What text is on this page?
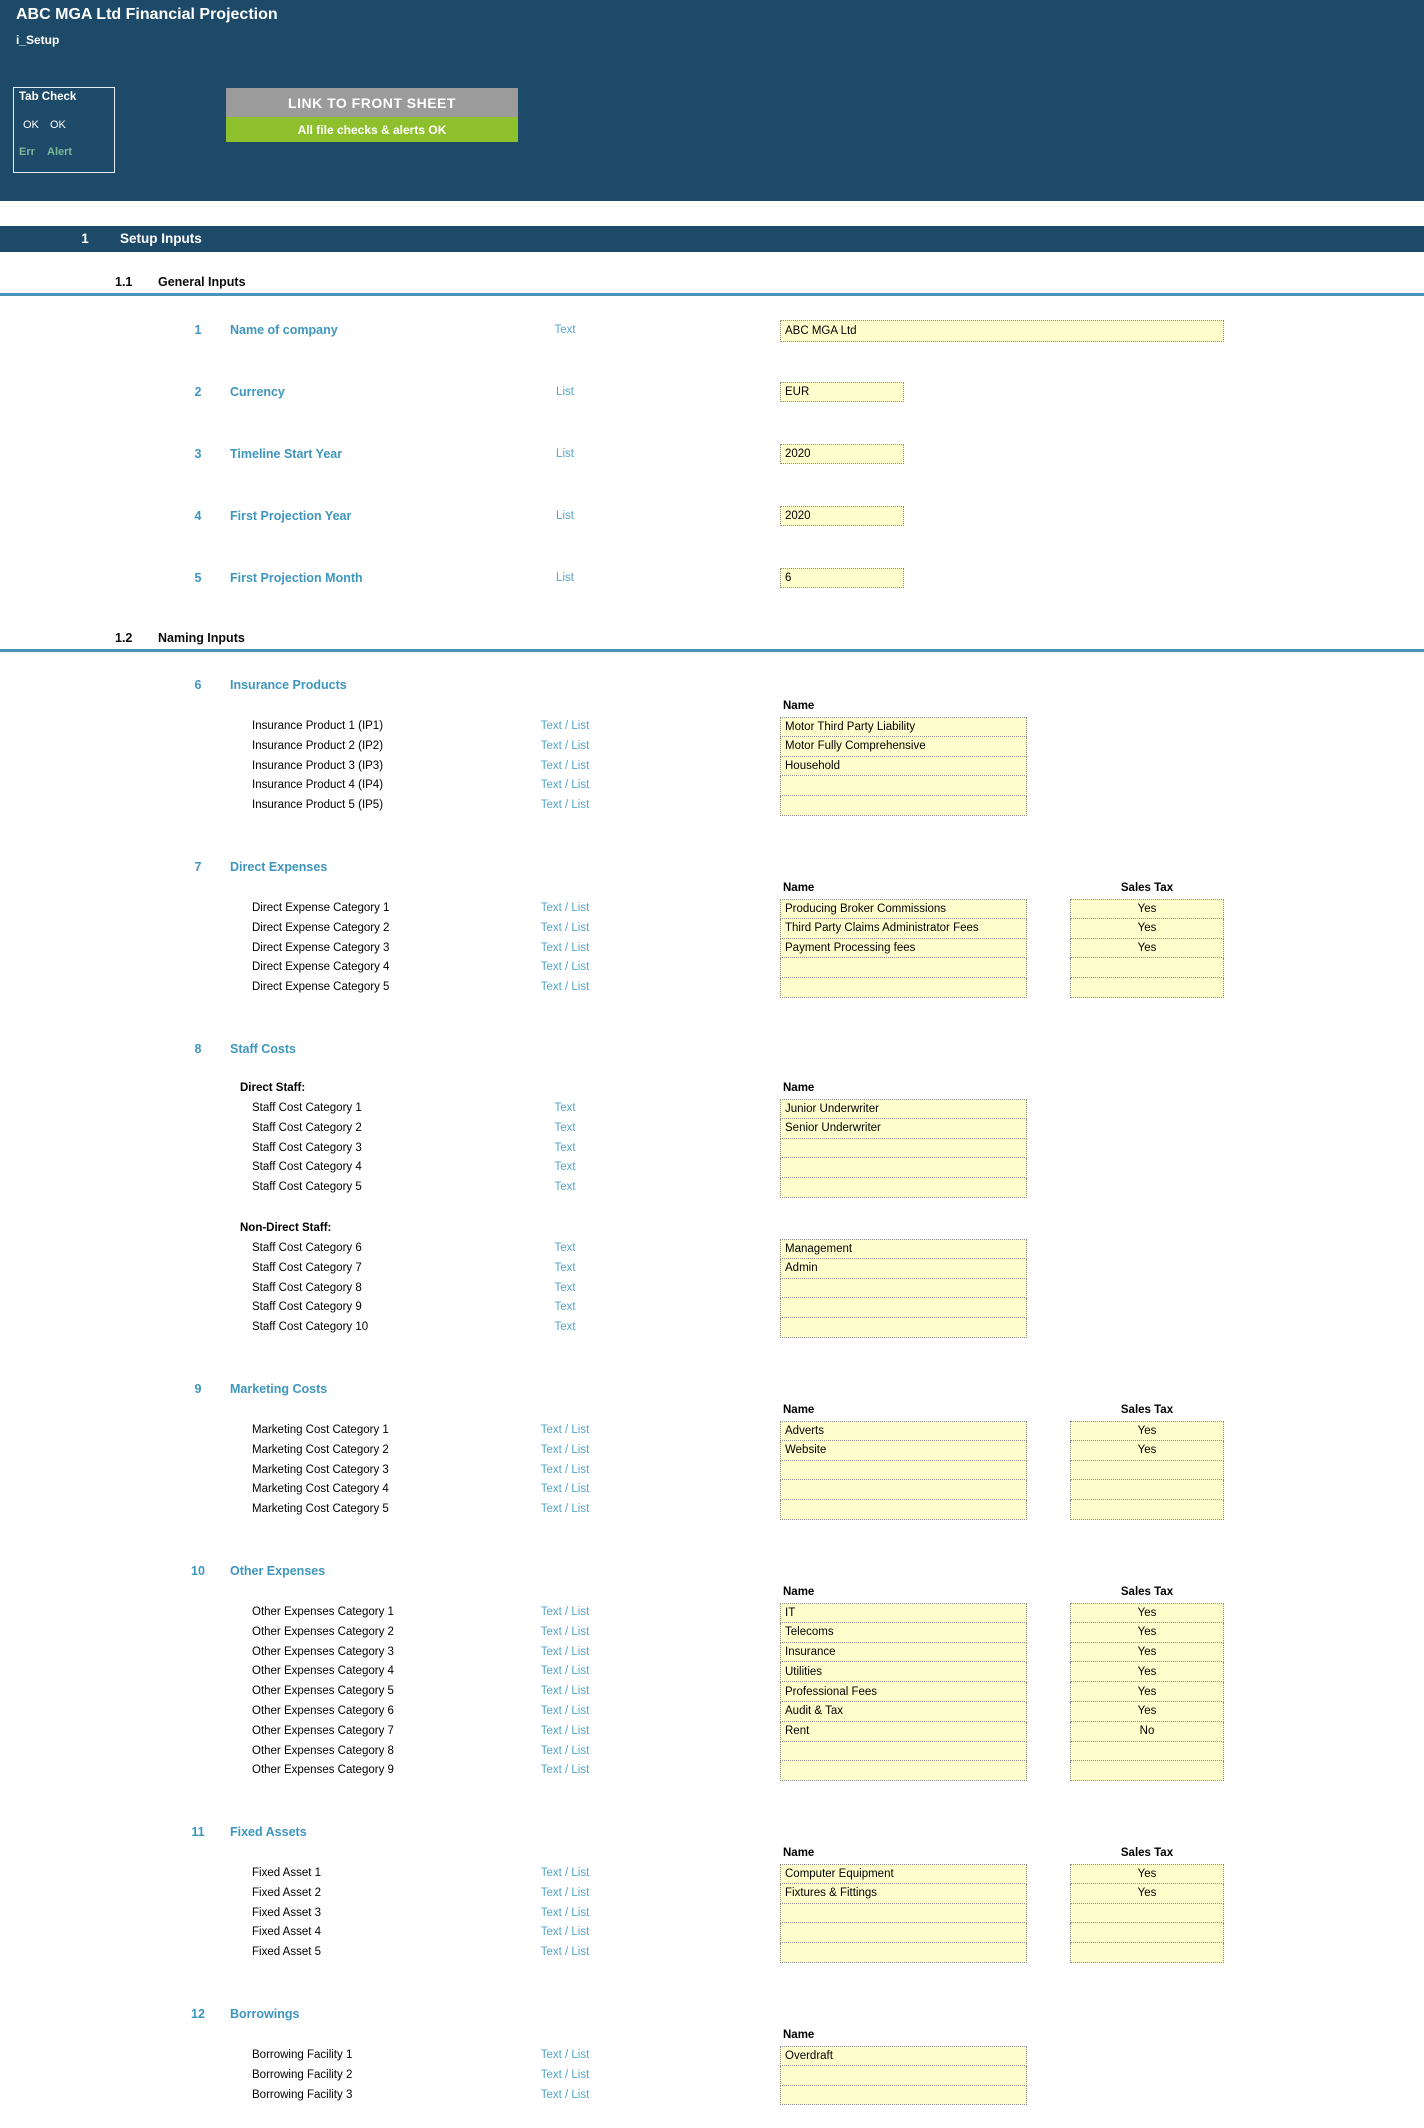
ABC MGA Ltd Financial Projection
i_Setup
Tab Check
OK OK
Err Alert
LINK TO FRONT SHEET
All file checks & alerts OK
1	Setup Inputs
1.1 General Inputs
1	Name of company	Text	ABC MGA Ltd
2	Currency	List	EUR
3	Timeline Start Year	List	2020
4	First Projection Year	List	2020
5	First Projection Month	List	6
1.2 Naming Inputs
6	Insurance Products
Name
Insurance Product 1 (IP1)	Text / List	Motor Third Party Liability
Insurance Product 2 (IP2)	Text / List	Motor Fully Comprehensive
Insurance Product 3 (IP3)	Text / List	Household
Insurance Product 4 (IP4)	Text / List
Insurance Product 5 (IP5)	Text / List
7	Direct Expenses
Name	Sales Tax
Direct Expense Category 1	Text / List	Producing Broker Commissions	Yes
Direct Expense Category 2	Text / List	Third Party Claims Administrator Fees	Yes
Direct Expense Category 3	Text / List	Payment Processing fees	Yes
Direct Expense Category 4	Text / List
Direct Expense Category 5	Text / List
8	Staff Costs
Direct Staff:	Name
Staff Cost Category 1	Text	Junior Underwriter
Staff Cost Category 2	Text	Senior Underwriter
Staff Cost Category 3	Text
Staff Cost Category 4	Text
Staff Cost Category 5	Text
Non-Direct Staff:
Staff Cost Category 6	Text	Management
Staff Cost Category 7	Text	Admin
Staff Cost Category 8	Text
Staff Cost Category 9	Text
Staff Cost Category 10	Text
9	Marketing Costs
Name	Sales Tax
Marketing Cost Category 1	Text / List	Adverts	Yes
Marketing Cost Category 2	Text / List	Website	Yes
Marketing Cost Category 3	Text / List
Marketing Cost Category 4	Text / List
Marketing Cost Category 5	Text / List
10	Other Expenses
Name	Sales Tax
Other Expenses Category 1	Text / List	IT	Yes
Other Expenses Category 2	Text / List	Telecoms	Yes
Other Expenses Category 3	Text / List	Insurance	Yes
Other Expenses Category 4	Text / List	Utilities	Yes
Other Expenses Category 5	Text / List	Professional Fees	Yes
Other Expenses Category 6	Text / List	Audit & Tax	Yes
Other Expenses Category 7	Text / List	Rent	No
Other Expenses Category 8	Text / List
Other Expenses Category 9	Text / List
11	Fixed Assets
Name	Sales Tax
Fixed Asset 1	Text / List	Computer Equipment	Yes
Fixed Asset 2	Text / List	Fixtures & Fittings	Yes
Fixed Asset 3	Text / List
Fixed Asset 4	Text / List
Fixed Asset 5	Text / List
12	Borrowings
Name
Borrowing Facility 1	Text / List	Overdraft
Borrowing Facility 2	Text / List
Borrowing Facility 3	Text / List
